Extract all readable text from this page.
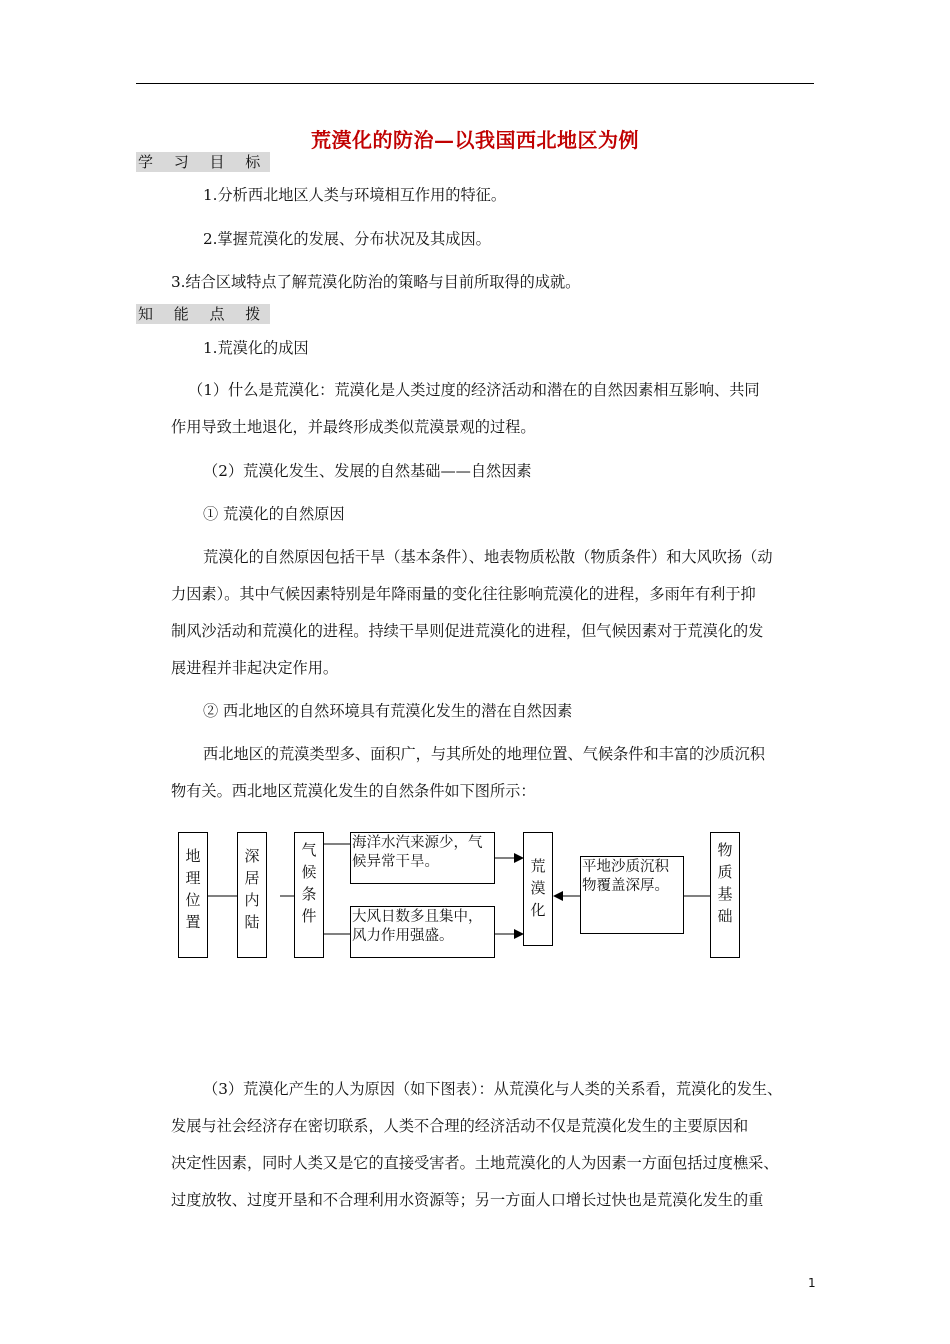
荒漠化的防治—以我国西北地区为例
学 习 目 标
1.分析西北地区人类与环境相互作用的特征。
2.掌握荒漠化的发展、分布状况及其成因。
3.结合区域特点了解荒漠化防治的策略与目前所取得的成就。
知 能 点 拨
1.荒漠化的成因
（1）什么是荒漠化：荒漠化是人类过度的经济活动和潜在的自然因素相互影响、共同
作用导致土地退化，并最终形成类似荒漠景观的过程。
（2）荒漠化发生、发展的自然基础——自然因素
① 荒漠化的自然原因
荒漠化的自然原因包括干旱（基本条件）、地表物质松散（物质条件）和大风吹扬（动
力因素）。其中气候因素特别是年降雨量的变化往往影响荒漠化的进程，多雨年有利于抑
制风沙活动和荒漠化的进程。持续干旱则促进荒漠化的进程，但气候因素对于荒漠化的发
展进程并非起决定作用。
② 西北地区的自然环境具有荒漠化发生的潜在自然因素
西北地区的荒漠类型多、面积广，与其所处的地理位置、气候条件和丰富的沙质沉积
物有关。西北地区荒漠化发生的自然条件如下图所示：
地
理
位
置
深
居
内
陆
气
候
条
件
海洋水汽来源少，气候异常干旱。
大风日数多且集中，风力作用强盛。
荒
漠
化
平地沙质沉积物覆盖深厚。
物
质
基
础
（3）荒漠化产生的人为原因（如下图表）：从荒漠化与人类的关系看，荒漠化的发生、
发展与社会经济存在密切联系，人类不合理的经济活动不仅是荒漠化发生的主要原因和
决定性因素，同时人类又是它的直接受害者。土地荒漠化的人为因素一方面包括过度樵采、
过度放牧、过度开垦和不合理利用水资源等；另一方面人口增长过快也是荒漠化发生的重
1
